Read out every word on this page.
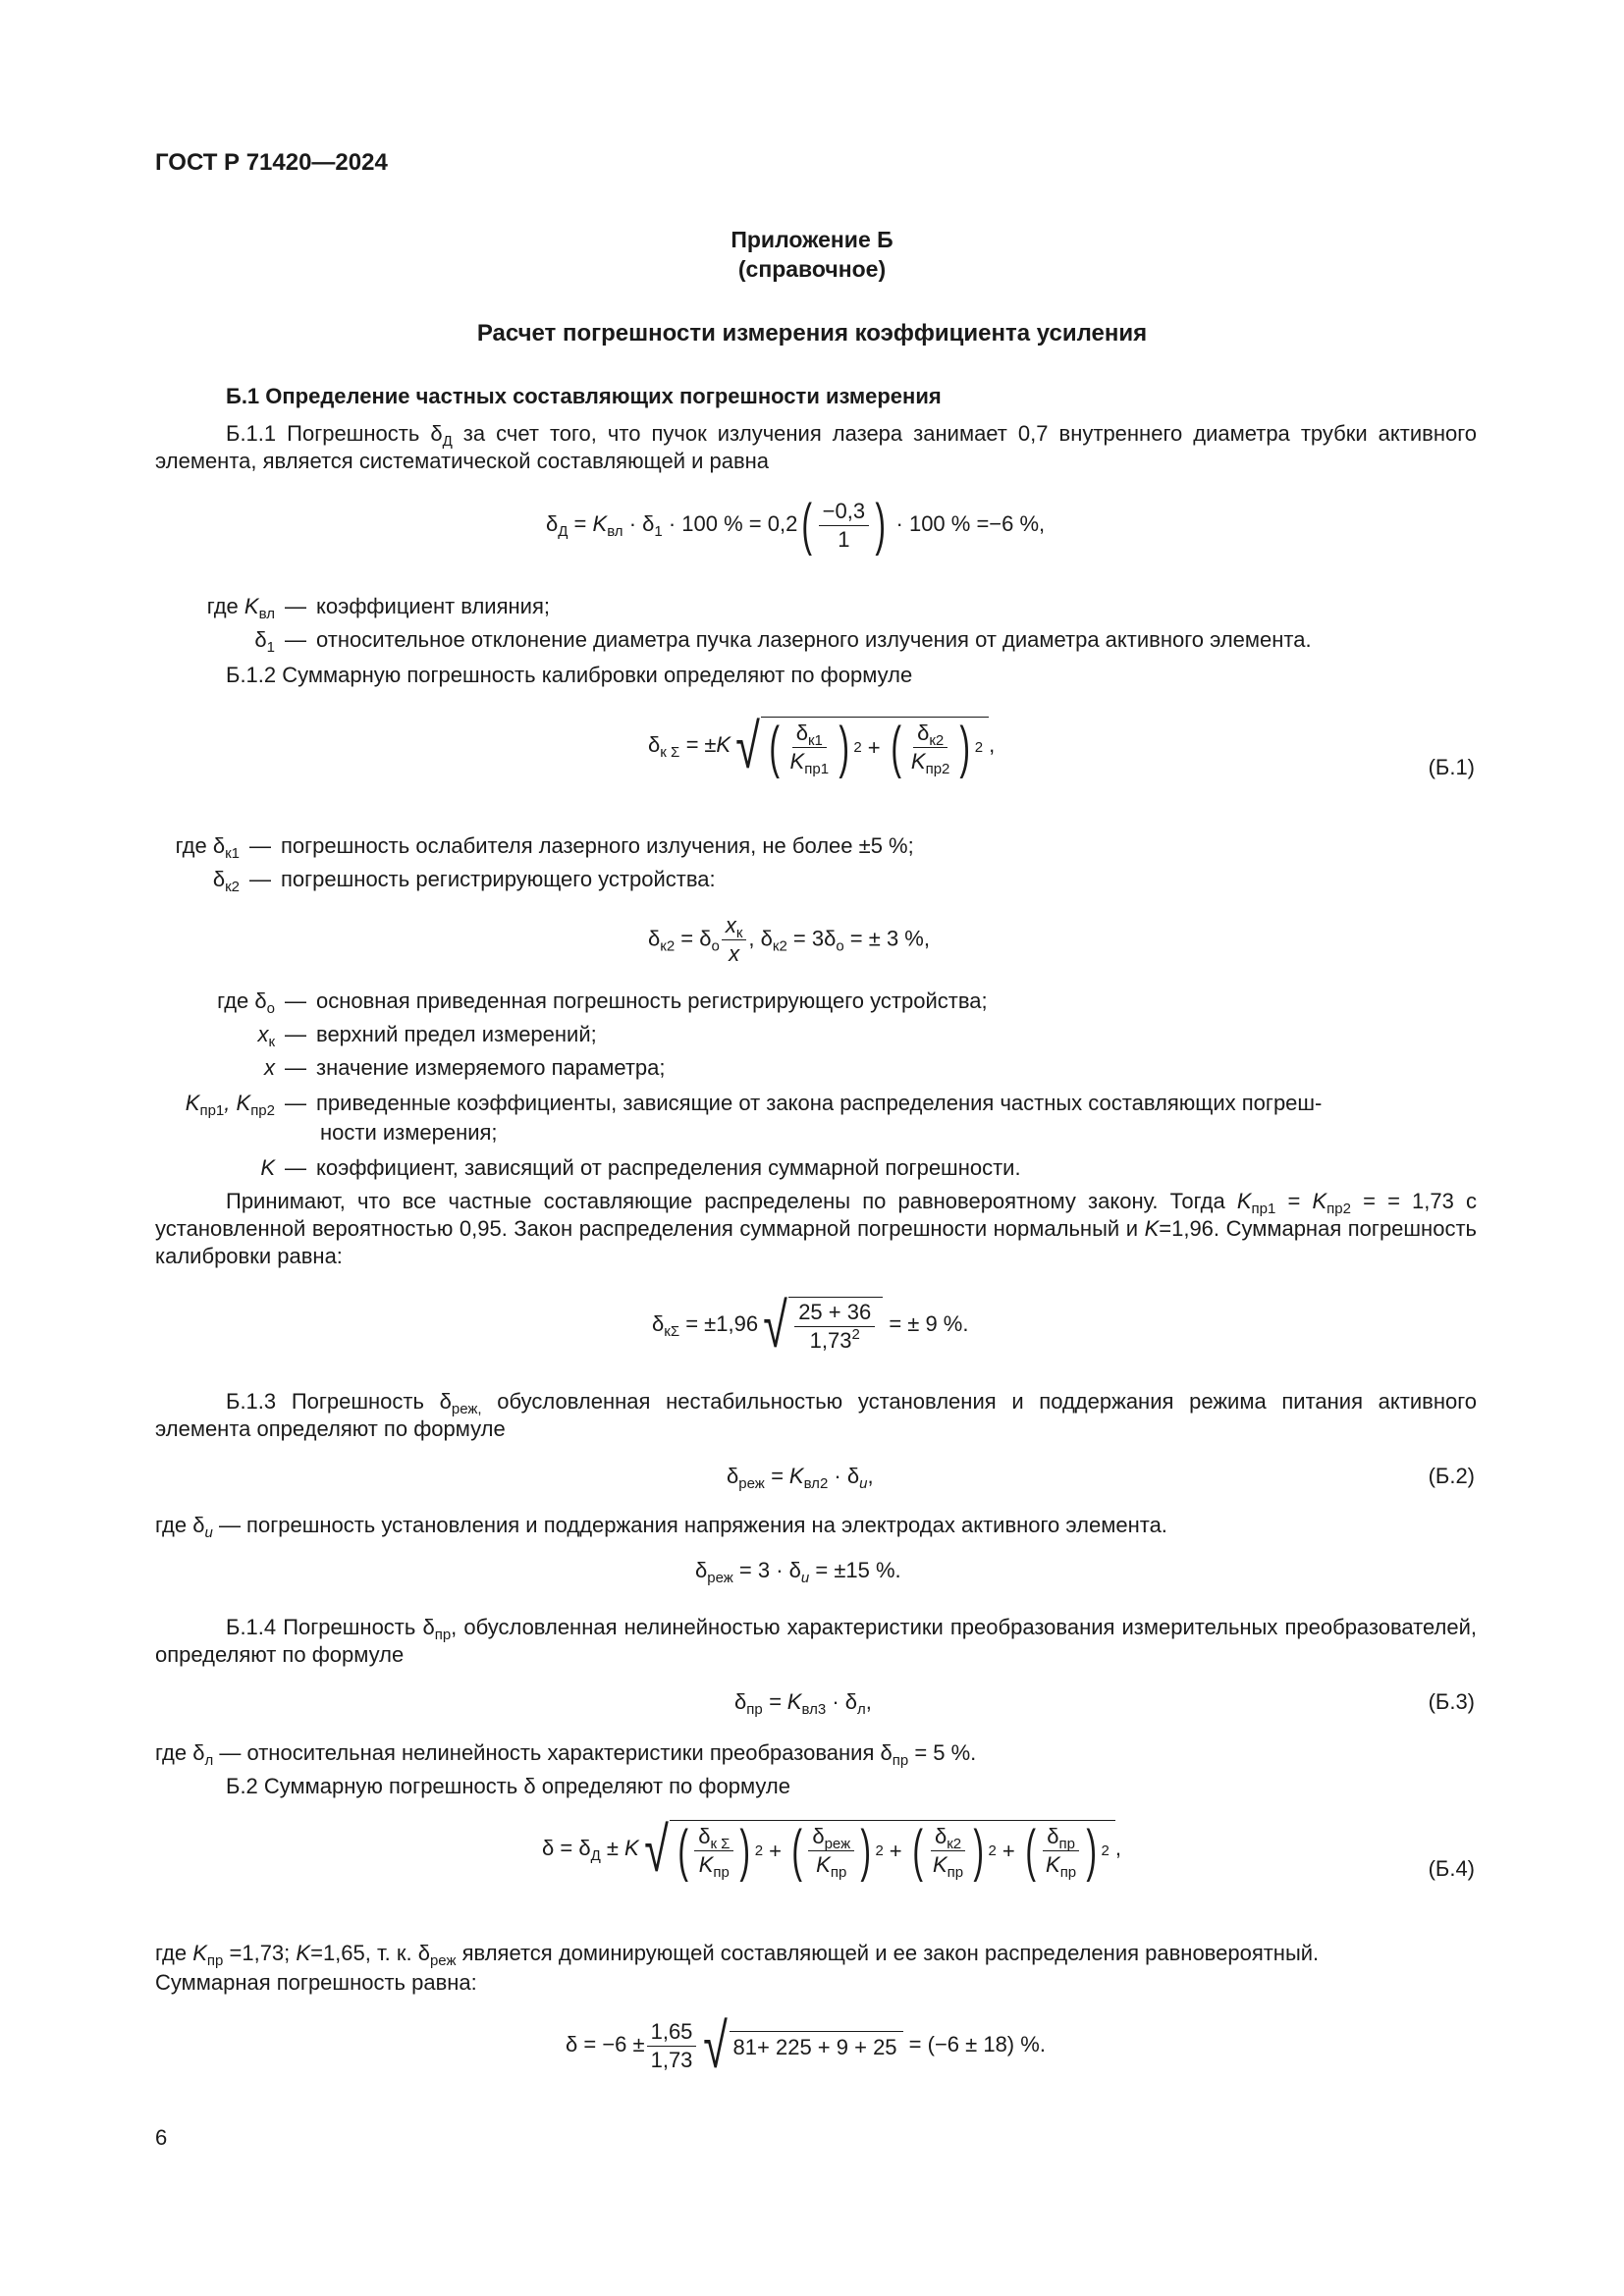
ГОСТ Р 71420—2024
Приложение Б
(справочное)
Расчет погрешности измерения коэффициента усиления
Б.1 Определение частных составляющих погрешности измерения
Б.1.1 Погрешность $\delta_Д$ за счет того, что пучок излучения лазера занимает 0,7 внутреннего диаметра трубки активного элемента, является систематической составляющей и равна
$\delta_Д = K_{вл} \cdot \delta_1 \cdot 100$ % = 0,2 ( $\frac{-0,3}{1}$ ) · 100 % =−6 %,
где $K_{вл}$ — коэффициент влияния;
$\delta_1$ — относительное отклонение диаметра пучка лазерного излучения от диаметра активного элемента.
Б.1.2 Суммарную погрешность калибровки определяют по формуле
$\delta_{к \Sigma} = \pm K$ √ ( $\frac{\delta_{к1}}{K_{пр1}}$ ) 2 + ( $\frac{\delta_{к2}}{K_{пр2}}$ ) 2 ,
(Б.1)
где $\delta_{к1}$ — погрешность ослабителя лазерного излучения, не более ±5 %;
$\delta_{к2}$ — погрешность регистрирующего устройства:
$\delta_{к2} = \delta_о \frac{x_к}{x}$ , $\delta_{к2} = 3\delta_о$ = ± 3 %,
где $\delta_о$ — основная приведенная погрешность регистрирующего устройства;
$x_к$ — верхний предел измерений;
x — значение измеряемого параметра;
$K_{пр1}$, $K_{пр2}$ — приведенные коэффициенты, зависящие от закона распределения частных составляющих погреш-
ности измерения;
K — коэффициент, зависящий от распределения суммарной погрешности.
Принимают, что все частные составляющие распределены по равновероятному закону. Тогда $K_{пр1} = K_{пр2}$ = = 1,73 с установленной вероятностью 0,95. Закон распределения суммарной погрешности нормальный и K=1,96. Суммарная погрешность калибровки равна:
$\delta_{к\Sigma} = \pm 1,96$ √ $\frac{25 + 36}{1,73^2}$ = ± 9 %.
Б.1.3 Погрешность $\delta_{реж,}$ обусловленная нестабильностью установления и поддержания режима питания активного элемента определяют по формуле
$\delta_{реж} = K_{вл2} \cdot \delta_u$,	(Б.2)
где $\delta_u$ — погрешность установления и поддержания напряжения на электродах активного элемента.
$\delta_{реж} = 3 \cdot \delta_u = \pm 15$ %.
Б.1.4 Погрешность $\delta_{пр}$, обусловленная нелинейностью характеристики преобразования измерительных преобразователей, определяют по формуле
$\delta_{пр} = K_{вл3} \cdot \delta_л$,	(Б.3)
где $\delta_л$ — относительная нелинейность характеристики преобразования $\delta_{пр} = 5$ %.
Б.2 Суммарную погрешность δ определяют по формуле
$\delta = \delta_Д \pm K$ √ ( $\frac{\delta_{к \Sigma}}{K_{пр}}$ ) 2 + ( $\frac{\delta_{реж}}{K_{пр}}$ ) 2 + ( $\frac{\delta_{к2}}{K_{пр}}$ ) 2 + ( $\frac{\delta_{пр}}{K_{пр}}$ ) 2 ,
(Б.4)
где $K_{пр} =1,73$; K=1,65, т. к. $\delta_{реж}$ является доминирующей составляющей и ее закон распределения равновероятный.
Суммарная погрешность равна:
$\delta = -6 \pm \frac{1,65}{1,73}$ √ 81+ 225 + 9 + 25 = (−6 ± 18) %.
6
